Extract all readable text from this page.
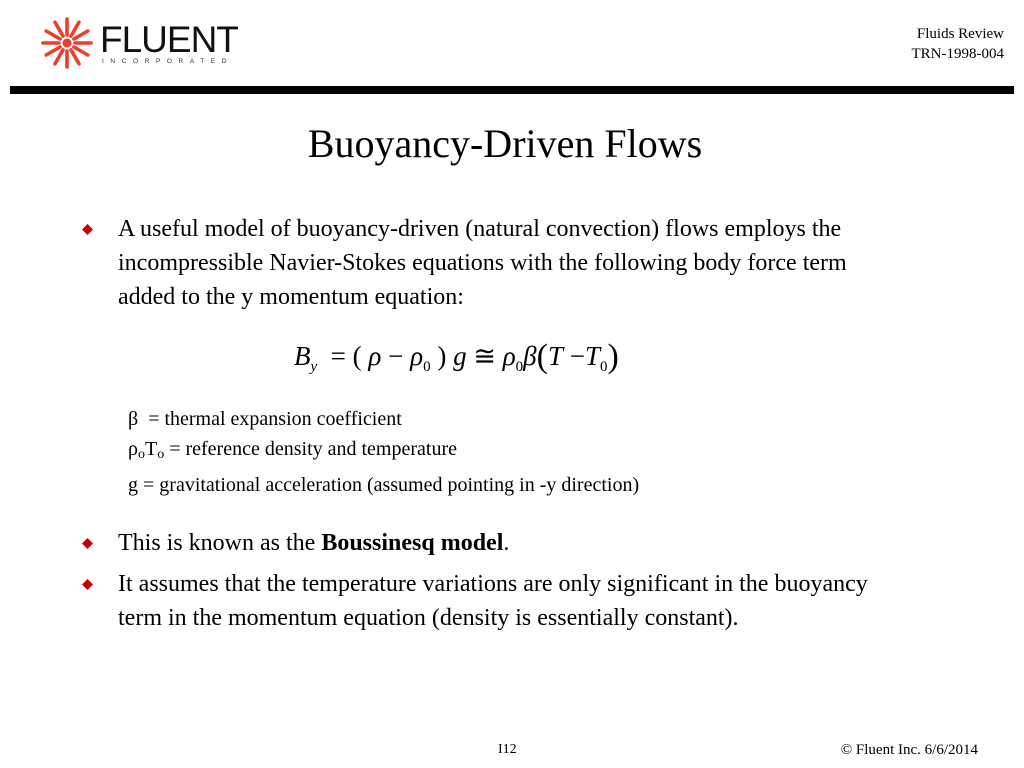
FLUENT
INCORPORATED
Fluids Review
TRN-1998-004
Buoyancy-Driven Flows
A useful model of buoyancy-driven (natural convection) flows employs the incompressible Navier-Stokes equations with the following body force term added to the y momentum equation:
$B_y$ = ( $\rho - \rho_0$ ) g ≅ $\rho_0\beta(T -T_0)$
β = thermal expansion coefficient
$\rho_oT_o$ = reference density and temperature
g = gravitational acceleration (assumed pointing in -y direction)
This is known as the Boussinesq model.
It assumes that the temperature variations are only significant in the buoyancy term in the momentum equation (density is essentially constant).
I12	© Fluent Inc. 6/6/2014
